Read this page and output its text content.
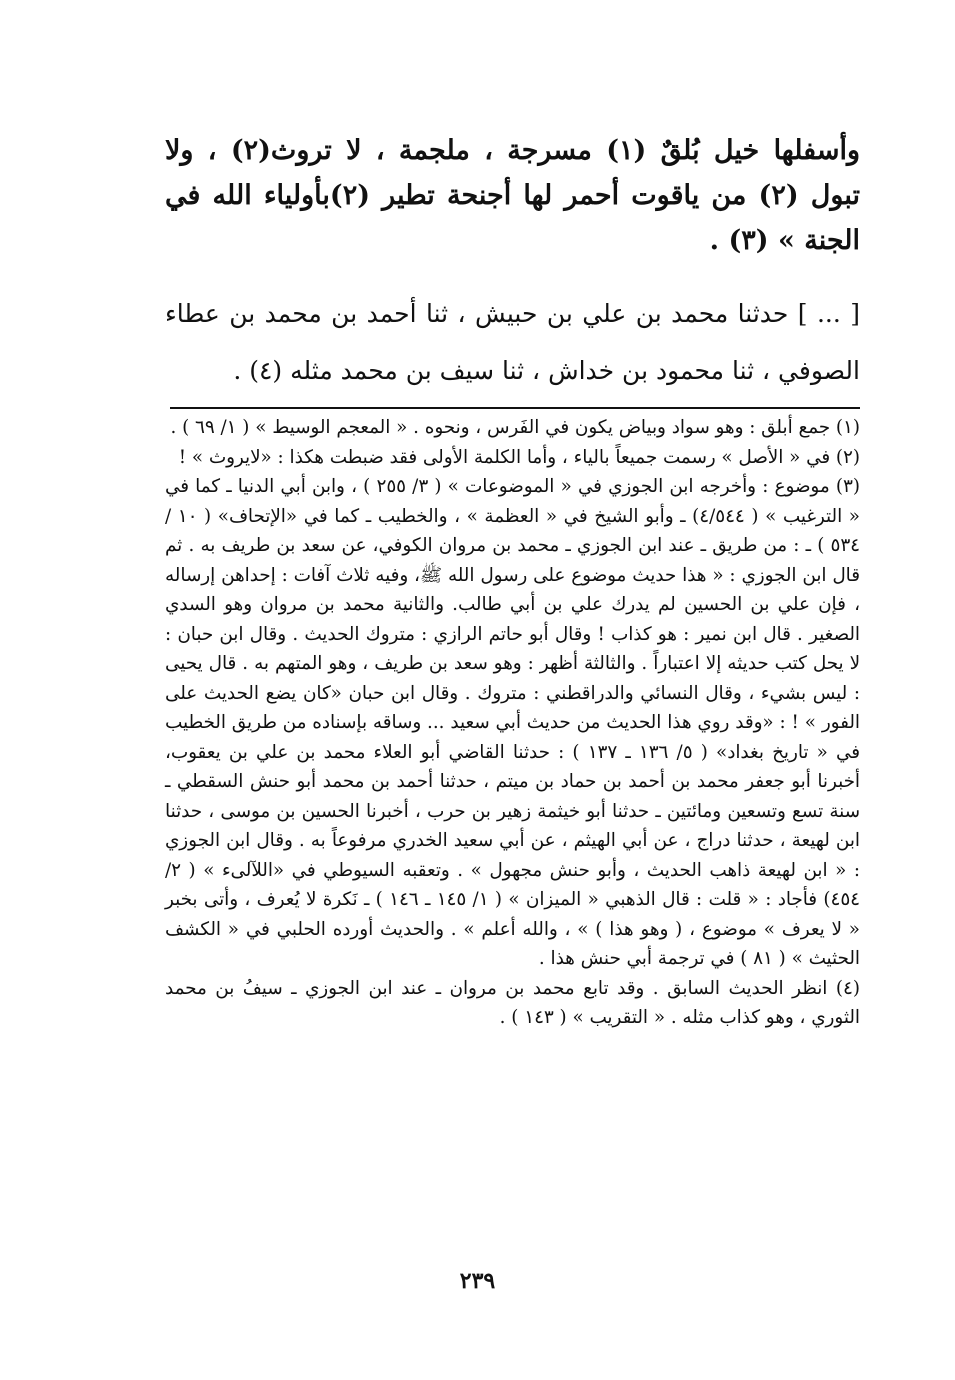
وأسفلها خيل بُلقٌ (١) مسرجة ، ملجمة ، لا تروث(٢) ، ولا تبول (٢) من ياقوت أحمر لها أجنحة تطير (٢)بأولياء الله في الجنة » (٣) .

[ ... ] حدثنا محمد بن علي بن حبيش ، ثنا أحمد بن محمد بن عطاء الصوفي ، ثنا محمود بن خداش ، ثنا سيف بن محمد مثله (٤) .

(١) جمع أبلق : وهو سواد وبياض يكون في الفَرس ، ونحوه . « المعجم الوسيط » ( ١/ ٦٩ ) .

(٢) في « الأصل » رسمت جميعاً بالياء ، وأما الكلمة الأولى فقد ضبطت هكذا : «لايروث » !

(٣) موضوع : وأخرجه ابن الجوزي في « الموضوعات » ( ٣/ ٢٥٥ ) ، وابن أبي الدنيا ـ كما في « الترغيب » ( ٤/٥٤٤) ـ وأبو الشيخ في « العظمة » ، والخطيب ـ كما في «الإتحاف» ( ١٠ / ٥٣٤ ) ـ : من طريق ـ عند ابن الجوزي ـ محمد بن مروان الكوفي، عن سعد بن طريف به . ثم قال ابن الجوزي : « هذا حديث موضوع على رسول الله ﷺ، وفيه ثلاث آفات : إحداهن إرساله ، فإن علي بن الحسين لم يدرك علي بن أبي طالب. والثانية محمد بن مروان وهو السدي الصغير . قال ابن نمير : هو كذاب ! وقال أبو حاتم الرازي : متروك الحديث . وقال ابن حبان : لا يحل كتب حديثه إلا اعتباراً . والثالثة أظهر : وهو سعد بن طريف ، وهو المتهم به . قال يحيى : ليس بشيء ، وقال النسائي والدراقطني : متروك . وقال ابن حبان «كان يضع الحديث على الفور » ! : «وقد روي هذا الحديث من حديث أبي سعيد ... وساقه بإسناده من طريق الخطيب في « تاريخ بغداد» ( ٥/ ١٣٦ ـ ١٣٧ ) : حدثنا القاضي أبو العلاء محمد بن علي بن يعقوب، أخبرنا أبو جعفر محمد بن أحمد بن حماد بن ميتم ، حدثنا أحمد بن محمد أبو حنش السقطي ـ سنة تسع وتسعين ومائتين ـ حدثنا أبو خيثمة زهير بن حرب ، أخبرنا الحسين بن موسى ، حدثنا ابن لهيعة ، حدثنا دراج ، عن أبي الهيثم ، عن أبي سعيد الخدري مرفوعاً به . وقال ابن الجوزي : « ابن لهيعة ذاهب الحديث ، وأبو حنش مجهول » . وتعقبه السيوطي في «اللآلىء » ( ٢/ ٤٥٤) فأجاد : « قلت : قال الذهبي « الميزان » ( ١/ ١٤٥ ـ ١٤٦ ) ـ نَكرة لا يُعرف ، وأتى بخبر « لا يعرف » موضوع ، ( وهو هذا ) » ، والله أعلم » . والحديث أورده الحلبي في « الكشف الحثيث » ( ٨١ ) في ترجمة أبي حنش هذا .

(٤) انظر الحديث السابق . وقد تابع محمد بن مروان ـ عند ابن الجوزي ـ سيفُ بن محمد الثوري ، وهو كذاب مثله . « التقريب » ( ١٤٣ ) .

٢٣٩
